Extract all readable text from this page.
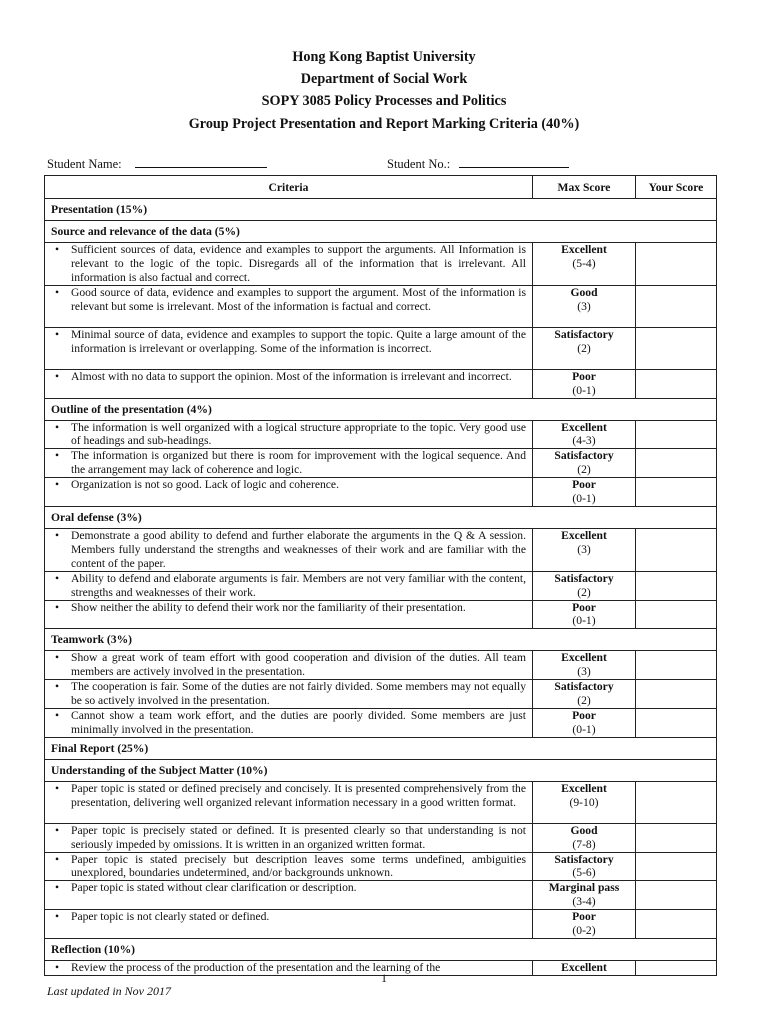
Hong Kong Baptist University
Department of Social Work
SOPY 3085 Policy Processes and Politics
Group Project Presentation and Report Marking Criteria (40%)
Student Name:	Student No.:
Criteria	Max Score	Your Score
Presentation (15%)		
Source and relevance of the data (5%)		
• Sufficient sources of data, evidence and examples to support the arguments. All Information is relevant to the logic of the topic. Disregards all of the information that is irrelevant. All information is also factual and correct.	Excellent
(5-4)	

• Good source of data, evidence and examples to support the argument. Most of the information is relevant but some is irrelevant. Most of the information is factual and correct.	Good
(3)	

• Minimal source of data, evidence and examples to support the topic. Quite a large amount of the information is irrelevant or overlapping. Some of the information is incorrect.	Satisfactory
(2)	

• Almost with no data to support the opinion. Most of the information is irrelevant and incorrect.	Poor
(0-1)	

Outline of the presentation (4%)		
• The information is well organized with a logical structure appropriate to the topic. Very good use of headings and sub-headings.	Excellent
(4-3)	

• The information is organized but there is room for improvement with the logical sequence. And the arrangement may lack of coherence and logic.	Satisfactory
(2)	

• Organization is not so good. Lack of logic and coherence.	Poor
(0-1)	

Oral defense (3%)		
• Demonstrate a good ability to defend and further elaborate the arguments in the Q & A session. Members fully understand the strengths and weaknesses of their work and are familiar with the content of the paper.	Excellent
(3)	

• Ability to defend and elaborate arguments is fair. Members are not very familiar with the content, strengths and weaknesses of their work.	Satisfactory
(2)	

• Show neither the ability to defend their work nor the familiarity of their presentation.	Poor
(0-1)	

Teamwork (3%)		
• Show a great work of team effort with good cooperation and division of the duties. All team members are actively involved in the presentation.	Excellent
(3)	

• The cooperation is fair. Some of the duties are not fairly divided. Some members may not equally be so actively involved in the presentation.	Satisfactory
(2)	

• Cannot show a team work effort, and the duties are poorly divided. Some members are just minimally involved in the presentation.	Poor
(0-1)	

Final Report (25%)		
Understanding of the Subject Matter (10%)		
• Paper topic is stated or defined precisely and concisely. It is presented comprehensively from the presentation, delivering well organized relevant information necessary in a good written format.	Excellent
(9-10)	

• Paper topic is precisely stated or defined. It is presented clearly so that understanding is not seriously impeded by omissions. It is written in an organized written format.	Good
(7-8)	

• Paper topic is stated precisely but description leaves some terms undefined, ambiguities unexplored, boundaries undetermined, and/or backgrounds unknown.	Satisfactory
(5-6)	

• Paper topic is stated without clear clarification or description.	Marginal pass
(3-4)	

• Paper topic is not clearly stated or defined.	Poor
(0-2)	

Reflection (10%)		
• Review the process of the production of the presentation and the learning of the	Excellent	

1
Last updated in Nov 2017
